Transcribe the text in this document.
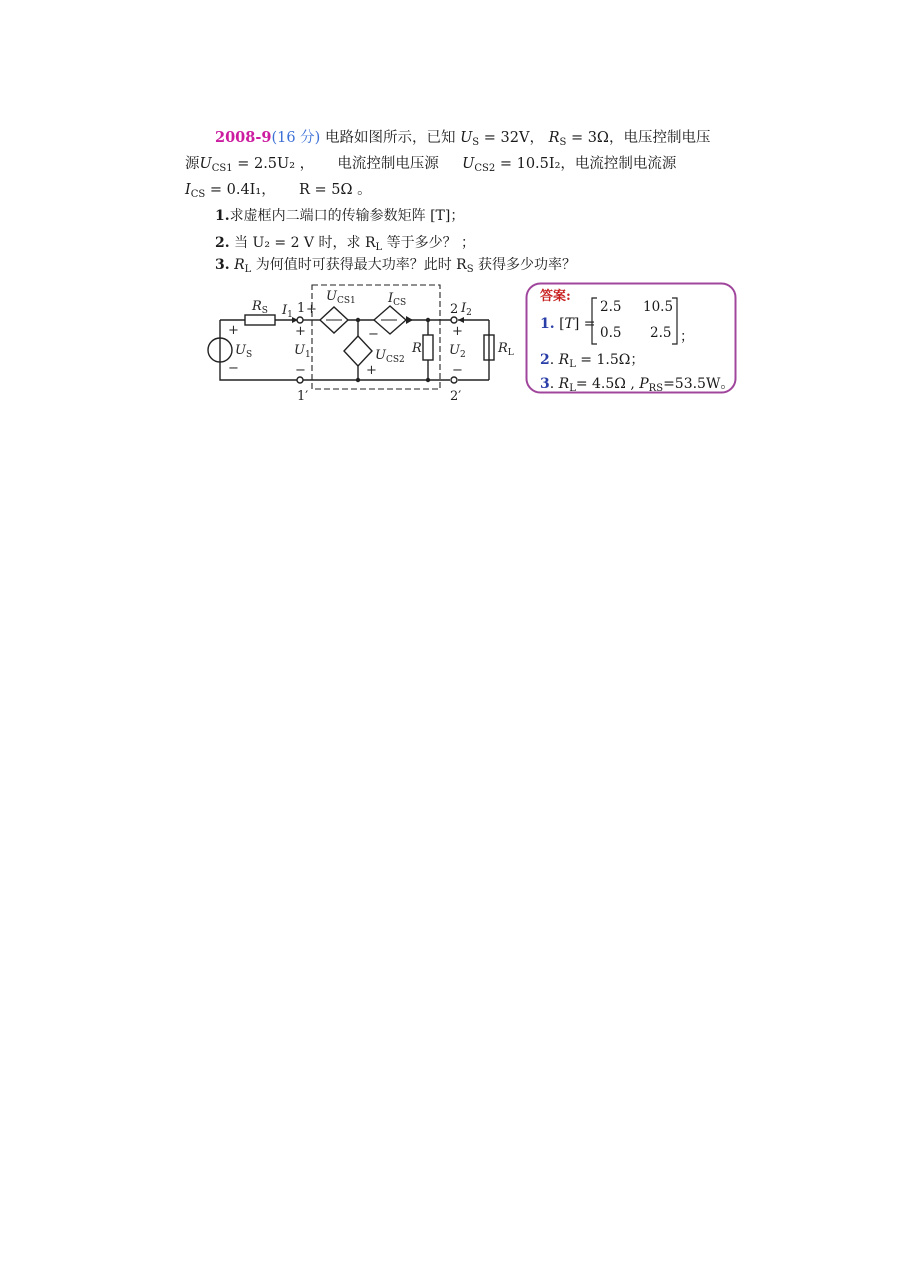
2008-9(16 分) 电路如图所示，已知 $U_S = 32V$， $R_S = 3\Omega$，电压控制电压
源$U_{CS1} = 2.5U_2$ ， 电流控制电压源 $U_{CS2} = 10.5I_2$，电流控制电流源
$I_{CS} = 0.4I_1$， R = 5Ω 。
1.求虚框内二端口的传输参数矩阵 [T]；
2. 当 U₂ = 2 V 时，求 $R_L$ 等于多少？ ；
3. $R_L$ 为何值时可获得最大功率？此时 $R_S$ 获得多少功率？
$R_S$ $I_1$ 1 +
$U_{CS1}$ $I_{CS}$	2 $I_2$
+
$U_S$
−
+
$U_1$
−
−
$U_{CS2}$
+
R
+
$U_2$
−
$R_L$
1′	2′
答案:
1. [T] =
2.5 10.5
0.5 2.5 ；
2. $R_L = 1.5\Omega$；
3. $R_L= 4.5\Omega$ , $P_{RS}=53.5W$。
